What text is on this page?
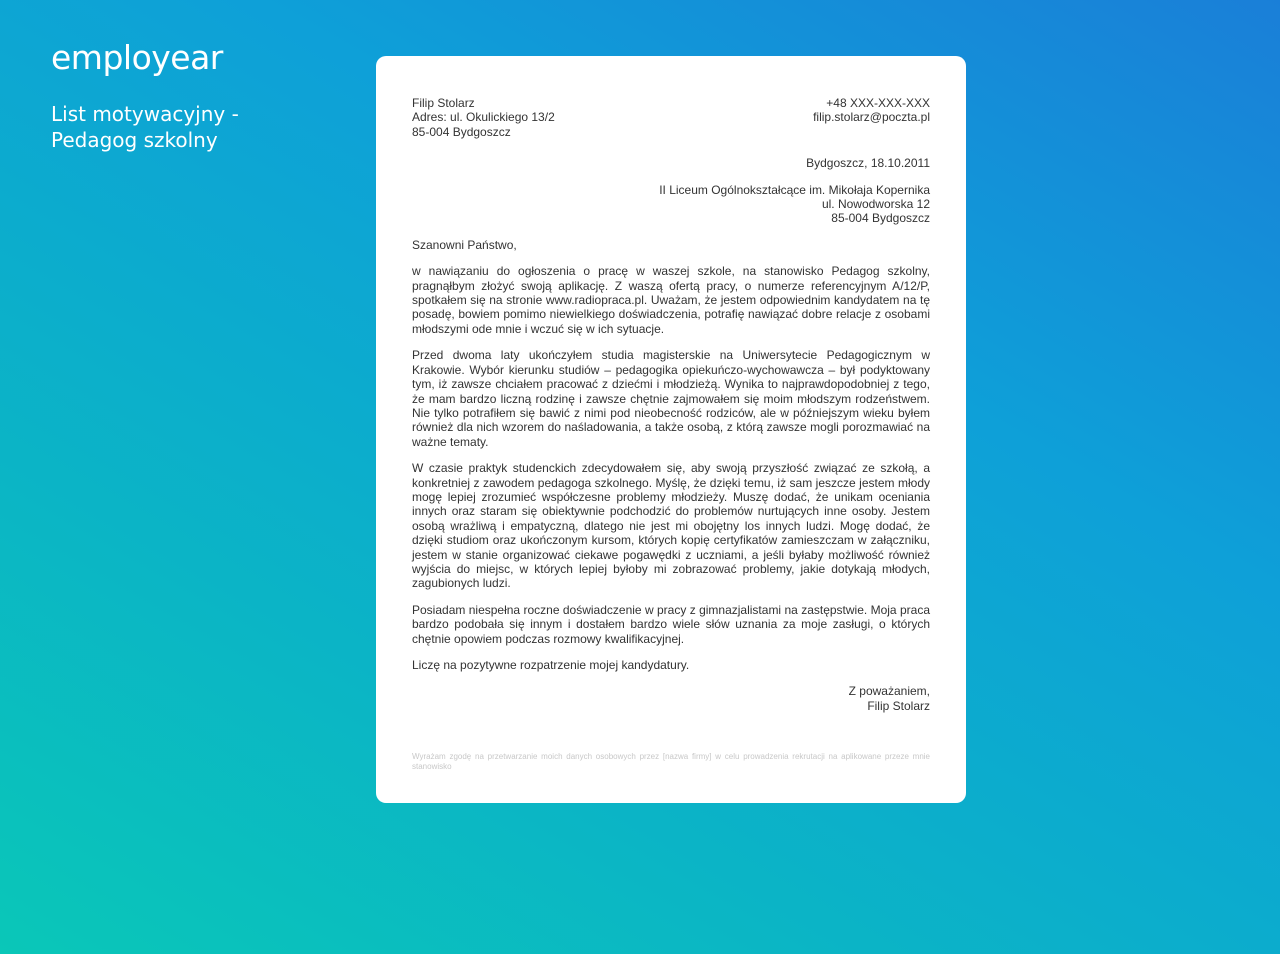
employear
List motywacyjny - Pedagog szkolny
Filip Stolarz
Adres: ul. Okulickiego 13/2
85-004 Bydgoszcz
+48 XXX-XXX-XXX
filip.stolarz@poczta.pl
Bydgoszcz, 18.10.2011
II Liceum Ogólnokształcące im. Mikołaja Kopernika
ul. Nowodworska 12
85-004 Bydgoszcz
Szanowni Państwo,
w nawiązaniu do ogłoszenia o pracę w waszej szkole, na stanowisko Pedagog szkolny, pragnąłbym złożyć swoją aplikację. Z waszą ofertą pracy, o numerze referencyjnym A/12/P, spotkałem się na stronie www.radiopraca.pl. Uważam, że jestem odpowiednim kandydatem na tę posadę, bowiem pomimo niewielkiego doświadczenia, potrafię nawiązać dobre relacje z osobami młodszymi ode mnie i wczuć się w ich sytuacje.
Przed dwoma laty ukończyłem studia magisterskie na Uniwersytecie Pedagogicznym w Krakowie. Wybór kierunku studiów – pedagogika opiekuńczo-wychowawcza – był podyktowany tym, iż zawsze chciałem pracować z dziećmi i młodzieżą. Wynika to najprawdopodobniej z tego, że mam bardzo liczną rodzinę i zawsze chętnie zajmowałem się moim młodszym rodzeństwem. Nie tylko potrafiłem się bawić z nimi pod nieobecność rodziców, ale w późniejszym wieku byłem również dla nich wzorem do naśladowania, a także osobą, z którą zawsze mogli porozmawiać na ważne tematy.
W czasie praktyk studenckich zdecydowałem się, aby swoją przyszłość związać ze szkołą, a konkretniej z zawodem pedagoga szkolnego. Myślę, że dzięki temu, iż sam jeszcze jestem młody mogę lepiej zrozumieć współczesne problemy młodzieży. Muszę dodać, że unikam oceniania innych oraz staram się obiektywnie podchodzić do problemów nurtujących inne osoby. Jestem osobą wrażliwą i empatyczną, dlatego nie jest mi obojętny los innych ludzi. Mogę dodać, że dzięki studiom oraz ukończonym kursom, których kopię certyfikatów zamieszczam w załączniku, jestem w stanie organizować ciekawe pogawędki z uczniami, a jeśli byłaby możliwość również wyjścia do miejsc, w których lepiej byłoby mi zobrazować problemy, jakie dotykają młodych, zagubionych ludzi.
Posiadam niespełna roczne doświadczenie w pracy z gimnazjalistami na zastępstwie. Moja praca bardzo podobała się innym i dostałem bardzo wiele słów uznania za moje zasługi, o których chętnie opowiem podczas rozmowy kwalifikacyjnej.
Liczę na pozytywne rozpatrzenie mojej kandydatury.
Z poważaniem,
Filip Stolarz
Wyrażam zgodę na przetwarzanie moich danych osobowych przez [nazwa firmy] w celu prowadzenia rekrutacji na aplikowane przeze mnie stanowisko
